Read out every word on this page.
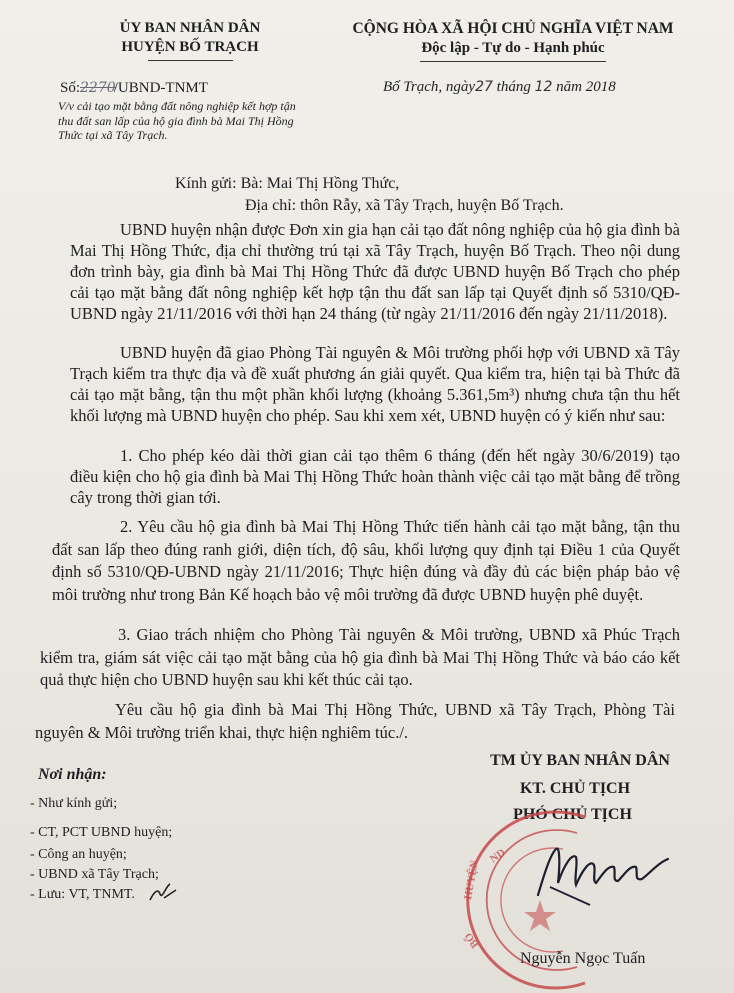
ỦY BAN NHÂN DÂN
HUYỆN BỐ TRẠCH
CỘNG HÒA XÃ HỘI CHỦ NGHĨA VIỆT NAM
Độc lập - Tự do - Hạnh phúc
Số:2270 /UBND-TNMT	Bố Trạch, ngày27 tháng 12 năm 2018
V/v cải tạo mặt bằng đất nông nghiệp kết hợp tận thu đất san lấp của hộ gia đình bà Mai Thị Hồng Thức tại xã Tây Trạch.
Kính gửi: Bà: Mai Thị Hồng Thức,
Địa chỉ: thôn Rẫy, xã Tây Trạch, huyện Bố Trạch.
UBND huyện nhận được Đơn xin gia hạn cải tạo đất nông nghiệp của hộ gia đình bà Mai Thị Hồng Thức, địa chỉ thường trú tại xã Tây Trạch, huyện Bố Trạch. Theo nội dung đơn trình bày, gia đình bà Mai Thị Hồng Thức đã được UBND huyện Bố Trạch cho phép cải tạo mặt bằng đất nông nghiệp kết hợp tận thu đất san lấp tại Quyết định số 5310/QĐ-UBND ngày 21/11/2016 với thời hạn 24 tháng (từ ngày 21/11/2016 đến ngày 21/11/2018).
UBND huyện đã giao Phòng Tài nguyên & Môi trường phối hợp với UBND xã Tây Trạch kiểm tra thực địa và đề xuất phương án giải quyết. Qua kiểm tra, hiện tại bà Thức đã cải tạo mặt bằng, tận thu một phần khối lượng (khoảng 5.361,5m³) nhưng chưa tận thu hết khối lượng mà UBND huyện cho phép. Sau khi xem xét, UBND huyện có ý kiến như sau:
1. Cho phép kéo dài thời gian cải tạo thêm 6 tháng (đến hết ngày 30/6/2019) tạo điều kiện cho hộ gia đình bà Mai Thị Hồng Thức hoàn thành việc cải tạo mặt bằng để trồng cây trong thời gian tới.
2. Yêu cầu hộ gia đình bà Mai Thị Hồng Thức tiến hành cải tạo mặt bằng, tận thu đất san lấp theo đúng ranh giới, diện tích, độ sâu, khối lượng quy định tại Điều 1 của Quyết định số 5310/QĐ-UBND ngày 21/11/2016; Thực hiện đúng và đầy đủ các biện pháp bảo vệ môi trường như trong Bản Kế hoạch bảo vệ môi trường đã được UBND huyện phê duyệt.
3. Giao trách nhiệm cho Phòng Tài nguyên & Môi trường, UBND xã Phúc Trạch kiểm tra, giám sát việc cải tạo mặt bằng của hộ gia đình bà Mai Thị Hồng Thức và báo cáo kết quả thực hiện cho UBND huyện sau khi kết thúc cải tạo.
Yêu cầu hộ gia đình bà Mai Thị Hồng Thức, UBND xã Tây Trạch, Phòng Tài nguyên & Môi trường triển khai, thực hiện nghiêm túc./.
Nơi nhận:
- Như kính gửi;
- CT, PCT UBND huyện;
- Công an huyện;
- UBND xã Tây Trạch;
- Lưu: VT, TNMT.
TM ỦY BAN NHÂN DÂN
KT. CHỦ TỊCH
PHÓ CHỦ TỊCH
ND
HUYỆN
BỐ
Nguyễn Ngọc Tuấn
